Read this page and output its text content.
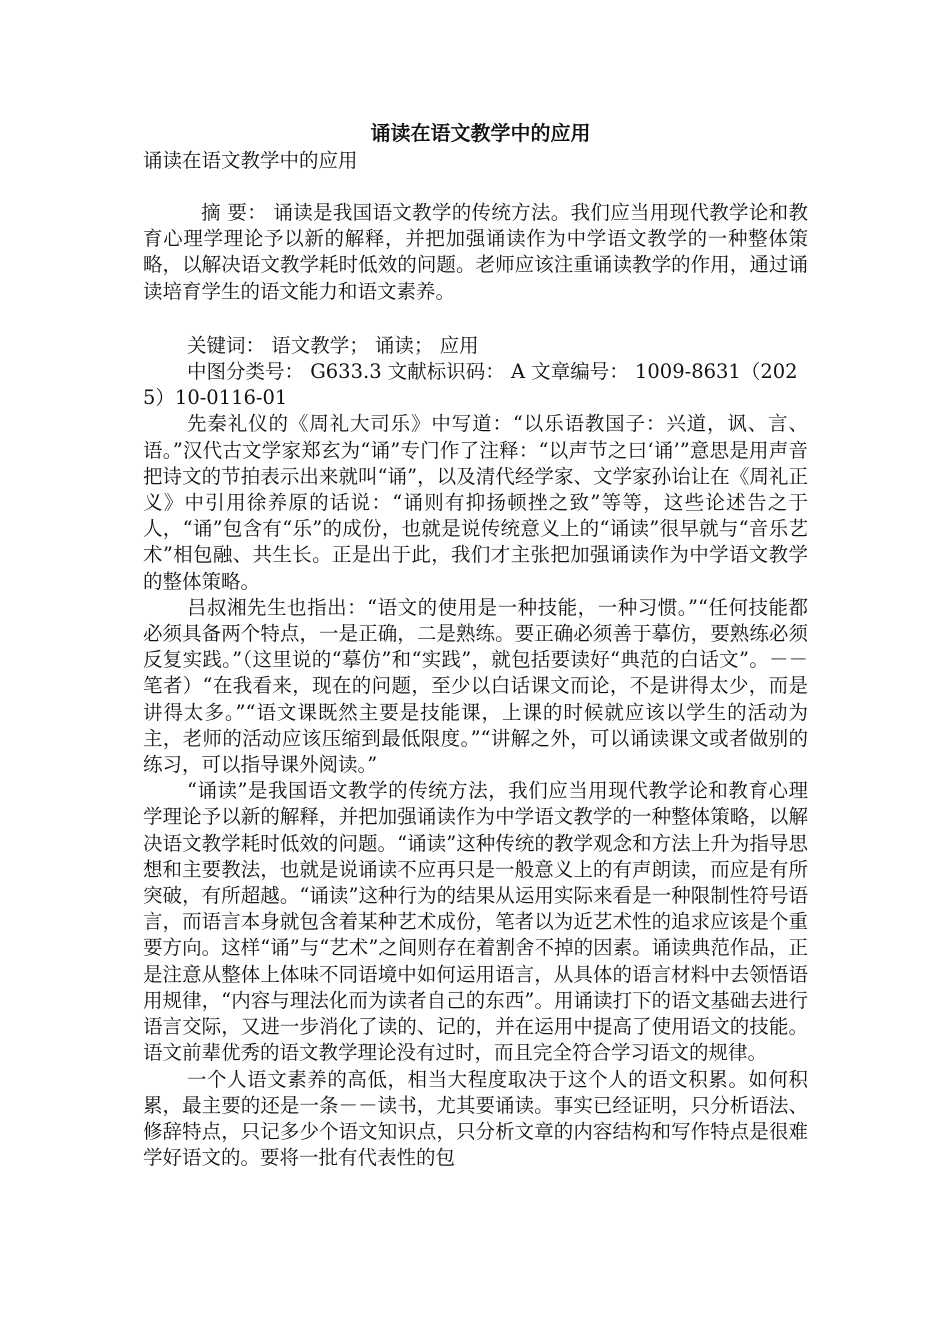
诵读在语文教学中的应用

诵读在语文教学中的应用

摘 要： 诵读是我国语文教学的传统方法。我们应当用现代教学论和教育心理学理论予以新的解释，并把加强诵读作为中学语文教学的一种整体策略，以解决语文教学耗时低效的问题。老师应该注重诵读教学的作用，通过诵读培育学生的语文能力和语文素养。

关键词： 语文教学； 诵读； 应用

中图分类号： G633.3 文献标识码： A 文章编号： 1009-8631（2025）10-0116-01

先秦礼仪的《周礼大司乐》中写道：“以乐语教国子：兴道，讽、言、语。”汉代古文学家郑玄为“诵”专门作了注释：“以声节之曰‘诵’”意思是用声音把诗文的节拍表示出来就叫“诵”，以及清代经学家、文学家孙诒让在《周礼正义》中引用徐养原的话说：“诵则有抑扬顿挫之致”等等，这些论述告之于人，“诵”包含有“乐”的成份，也就是说传统意义上的“诵读”很早就与“音乐艺术”相包融、共生长。正是出于此，我们才主张把加强诵读作为中学语文教学的整体策略。

吕叔湘先生也指出：“语文的使用是一种技能，一种习惯。”“任何技能都必须具备两个特点，一是正确，二是熟练。要正确必须善于摹仿，要熟练必须反复实践。”（这里说的“摹仿”和“实践”，就包括要读好“典范的白话文”。－－笔者）“在我看来，现在的问题，至少以白话课文而论，不是讲得太少，而是讲得太多。”“语文课既然主要是技能课，上课的时候就应该以学生的活动为主，老师的活动应该压缩到最低限度。”“讲解之外，可以诵读课文或者做别的练习，可以指导课外阅读。”

“诵读”是我国语文教学的传统方法，我们应当用现代教学论和教育心理学理论予以新的解释，并把加强诵读作为中学语文教学的一种整体策略，以解决语文教学耗时低效的问题。“诵读”这种传统的教学观念和方法上升为指导思想和主要教法，也就是说诵读不应再只是一般意义上的有声朗读，而应是有所突破，有所超越。“诵读”这种行为的结果从运用实际来看是一种限制性符号语言，而语言本身就包含着某种艺术成份，笔者以为近艺术性的追求应该是个重要方向。这样“诵”与“艺术”之间则存在着割舍不掉的因素。诵读典范作品，正是注意从整体上体味不同语境中如何运用语言，从具体的语言材料中去领悟语用规律，“内容与理法化而为读者自己的东西”。用诵读打下的语文基础去进行语言交际，又进一步消化了读的、记的，并在运用中提高了使用语文的技能。语文前辈优秀的语文教学理论没有过时，而且完全符合学习语文的规律。

一个人语文素养的高低，相当大程度取决于这个人的语文积累。如何积累，最主要的还是一条－－读书，尤其要诵读。事实已经证明，只分析语法、修辞特点，只记多少个语文知识点，只分析文章的内容结构和写作特点是很难学好语文的。要将一批有代表性的包
